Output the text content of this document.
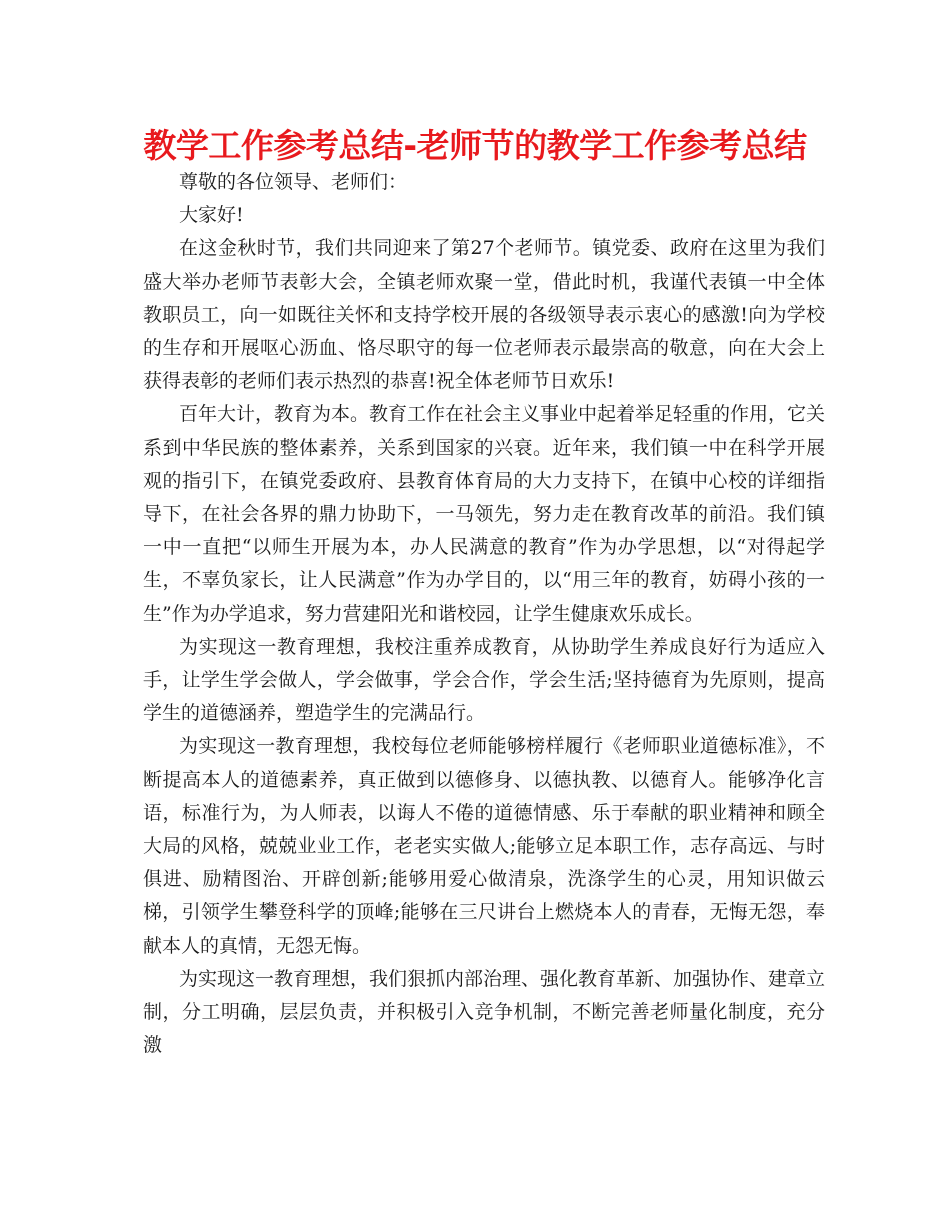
教学工作参考总结-老师节的教学工作参考总结

尊敬的各位领导、老师们：

大家好!

在这金秋时节，我们共同迎来了第27个老师节。镇党委、政府在这里为我们盛大举办老师节表彰大会，全镇老师欢聚一堂，借此时机，我谨代表镇一中全体教职员工，向一如既往关怀和支持学校开展的各级领导表示衷心的感激!向为学校的生存和开展呕心沥血、恪尽职守的每一位老师表示最崇高的敬意，向在大会上获得表彰的老师们表示热烈的恭喜!祝全体老师节日欢乐!

百年大计，教育为本。教育工作在社会主义事业中起着举足轻重的作用，它关系到中华民族的整体素养，关系到国家的兴衰。近年来，我们镇一中在科学开展观的指引下，在镇党委政府、县教育体育局的大力支持下，在镇中心校的详细指导下，在社会各界的鼎力协助下，一马领先，努力走在教育改革的前沿。我们镇一中一直把“以师生开展为本，办人民满意的教育”作为办学思想，以“对得起学生，不辜负家长，让人民满意”作为办学目的，以“用三年的教育，妨碍小孩的一生”作为办学追求，努力营建阳光和谐校园，让学生健康欢乐成长。

为实现这一教育理想，我校注重养成教育，从协助学生养成良好行为适应入手，让学生学会做人，学会做事，学会合作，学会生活;坚持德育为先原则，提高学生的道德涵养，塑造学生的完满品行。

为实现这一教育理想，我校每位老师能够榜样履行《老师职业道德标准》，不断提高本人的道德素养，真正做到以德修身、以德执教、以德育人。能够净化言语，标准行为，为人师表，以诲人不倦的道德情感、乐于奉献的职业精神和顾全大局的风格，兢兢业业工作，老老实实做人;能够立足本职工作，志存高远、与时俱进、励精图治、开辟创新;能够用爱心做清泉，洗涤学生的心灵，用知识做云梯，引领学生攀登科学的顶峰;能够在三尺讲台上燃烧本人的青春，无悔无怨，奉献本人的真情，无怨无悔。

为实现这一教育理想，我们狠抓内部治理、强化教育革新、加强协作、建章立制，分工明确，层层负责，并积极引入竞争机制，不断完善老师量化制度，充分激
